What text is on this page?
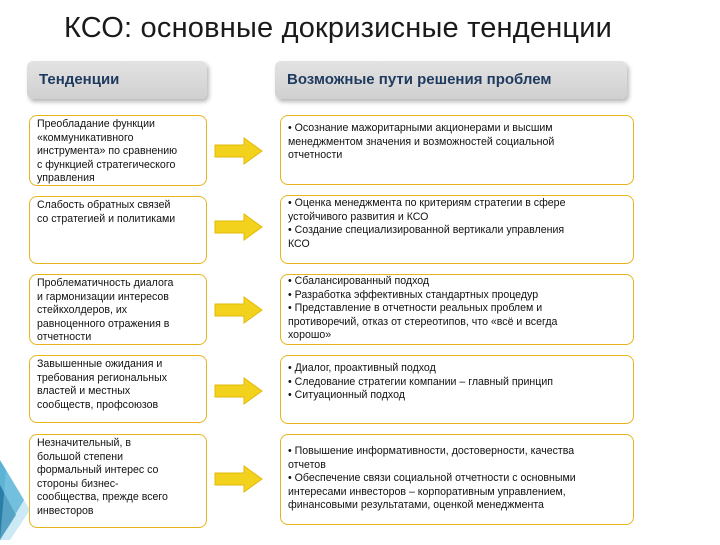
КСО: основные докризисные тенденции
Тенденции	Возможные пути решения проблем
Преобладание функции
«коммуникативного
инструмента» по сравнению
с функцией стратегического
управления
• Осознание мажоритарными акционерами и высшим
менеджментом значения и возможностей социальной
отчетности
Слабость обратных связей
со стратегией и политиками
• Оценка менеджмента по критериям стратегии в сфере
устойчивого развития и КСО
• Создание специализированной вертикали управления
КСО
Проблематичность диалога
и гармонизации интересов
стейкхолдеров, их
равноценного отражения в
отчетности
• Сбалансированный подход
• Разработка эффективных стандартных процедур
• Представление в отчетности реальных проблем и
противоречий, отказ от стереотипов, что «всё и всегда
хорошо»
Завышенные ожидания и
требования региональных
властей и местных
сообществ, профсоюзов
• Диалог, проактивный подход
• Следование стратегии компании – главный принцип
• Ситуационный подход
Незначительный, в
большой степени
формальный интерес со
стороны бизнес-
сообщества, прежде всего
инвесторов
• Повышение информативности, достоверности, качества
отчетов
• Обеспечение связи социальной отчетности с основными
интересами инвесторов – корпоративным управлением,
финансовыми результатами, оценкой менеджмента
